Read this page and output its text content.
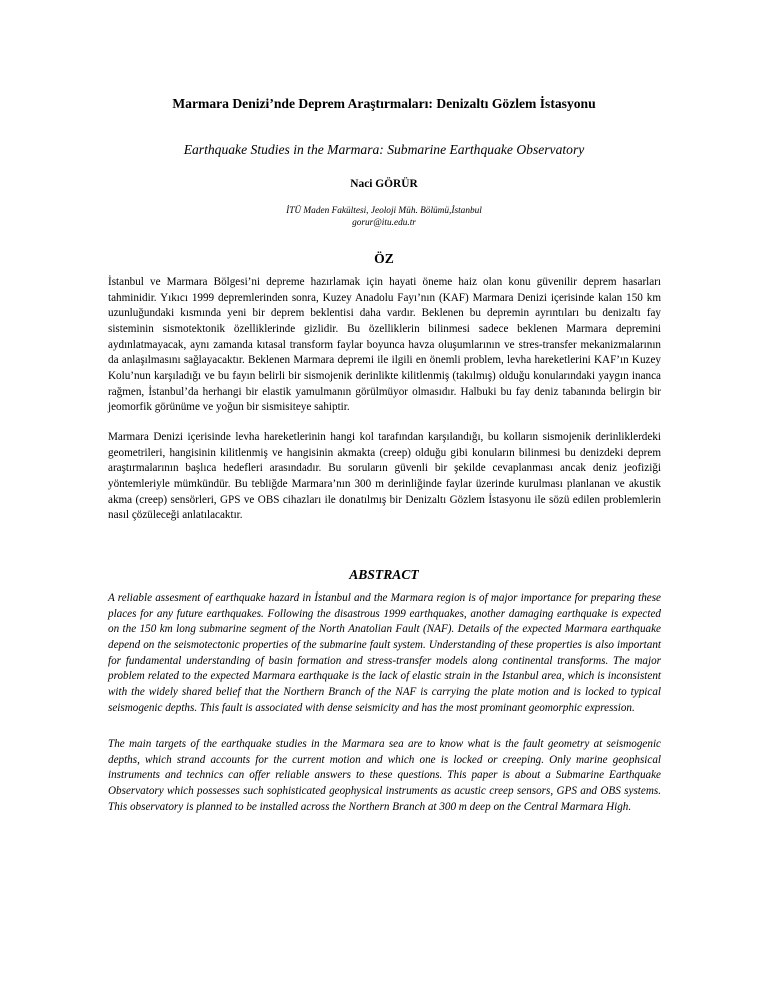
Marmara Denizi’nde Deprem Araştırmaları: Denizaltı Gözlem İstasyonu
Earthquake Studies in the Marmara: Submarine Earthquake Observatory
Naci GÖRÜR
İTÜ Maden Fakültesi, Jeoloji Müh. Bölümü,İstanbul
gorur@itu.edu.tr
ÖZ

İstanbul ve Marmara Bölgesi’ni depreme hazırlamak için hayati öneme haiz olan konu güvenilir deprem hasarları tahminidir. Yıkıcı 1999 depremlerinden sonra, Kuzey Anadolu Fayı’nın (KAF) Marmara Denizi içerisinde kalan 150 km uzunluğundaki kısmında yeni bir deprem beklentisi daha vardır. Beklenen bu depremin ayrıntıları bu denizaltı fay sisteminin sismotektonik özelliklerinde gizlidir. Bu özelliklerin bilinmesi sadece beklenen Marmara depremini aydınlatmayacak, aynı zamanda kıtasal transform faylar boyunca havza oluşumlarının ve stres-transfer mekanizmalarının da anlaşılmasını sağlayacaktır. Beklenen Marmara depremi ile ilgili en önemli problem, levha hareketlerini KAF’ın Kuzey Kolu’nun karşıladığı ve bu fayın belirli bir sismojenik derinlikte kilitlenmiş (takılmış) olduğu konularındaki yaygın inanca rağmen, İstanbul’da herhangi bir elastik yamulmanın görülmüyor olmasıdır. Halbuki bu fay deniz tabanında belirgin bir jeomorfik görünüme ve yoğun bir sismisiteye sahiptir.

Marmara Denizi içerisinde levha hareketlerinin hangi kol tarafından karşılandığı, bu kolların sismojenik derinliklerdeki geometrileri, hangisinin kilitlenmiş ve hangisinin akmakta (creep) olduğu gibi konuların bilinmesi bu denizdeki deprem araştırmalarının başlıca hedefleri arasındadır. Bu soruların güvenli bir şekilde cevaplanması ancak deniz jeofiziği yöntemleriyle mümkündür. Bu tebliğde Marmara’nın 300 m derinliğinde faylar üzerinde kurulması planlanan ve akustik akma (creep) sensörleri, GPS ve OBS cihazları ile donatılmış bir Denizaltı Gözlem İstasyonu ile sözü edilen problemlerin nasıl çözüleceği anlatılacaktır.

ABSTRACT

A reliable assesment of earthquake hazard in İstanbul and the Marmara region is of major importance for preparing these places for any future earthquakes. Following the disastrous 1999 earthquakes, another damaging earthquake is expected on the 150 km long submarine segment of the North Anatolian Fault (NAF). Details of the expected Marmara earthquake depend on the seismotectonic properties of the submarine fault system. Understanding of these properties is also important for fundamental understanding of basin formation and stress-transfer models along continental transforms. The major problem related to the expected Marmara earthquake is the lack of elastic strain in the Istanbul area, which is inconsistent with the widely shared belief that the Northern Branch of the NAF is carrying the plate motion and is locked to typical seismogenic depths. This fault is associated with dense seismicity and has the most prominant geomorphic expression.

The main targets of the earthquake studies in the Marmara sea are to know what is the fault geometry at seismogenic depths, which strand accounts for the current motion and which one is locked or creeping. Only marine geophsical instruments and technics can offer reliable answers to these questions. This paper is about a Submarine Earthquake Observatory which possesses such sophisticated geophysical instruments as acustic creep sensors, GPS and OBS systems. This observatory is planned to be installed across the Northern Branch at 300 m deep on the Central Marmara High.
